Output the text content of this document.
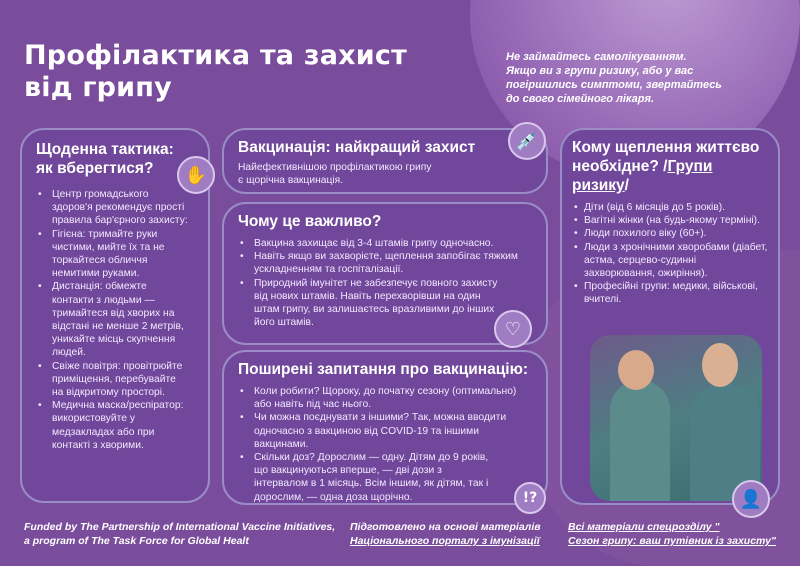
Профілактика та захист
від грипу
Не займайтесь самолікуванням.
Якщо ви з групи ризику, або у вас
погіршились симптоми, звертайтесь
до свого сімейного лікаря.
Щоденна тактика:
як вберегтися?
• Центр громадського здоров'я рекомендує прості правила бар'єрного захисту:
• Гігієна: тримайте руки чистими, мийте їх та не торкайтеся обличчя немитими руками.
• Дистанція: обмежте контакти з людьми — тримайтеся від хворих на відстані не менше 2 метрів, уникайте місць скупчення людей.
• Свіже повітря: провітрюйте приміщення, перебувайте на відкритому просторі.
• Медична маска/респіратор: використовуйте у медзакладах або при контакті з хворими.
✋
Вакцинація: найкращий захист

Найефективнішою профілактикою грипу

є щорічна вакцинація.

💉
Чому це важливо?
• Вакцина захищає від 3-4 штамів грипу одночасно.
• Навіть якщо ви захворієте, щеплення запобігає тяжким ускладненням та госпіталізації.
• Природний імунітет не забезпечує повного захисту від нових штамів. Навіть перехворівши на один штам грипу, ви залишаєтесь вразливими до інших його штамів.	♡
Поширені запитання про вакцинацію:
• Коли робити? Щороку, до початку сезону (оптимально) або навіть під час нього.
• Чи можна поєднувати з іншими? Так, можна вводити одночасно з вакциною від COVID-19 та іншими вакцинами.
• Скільки доз? Дорослим — одну. Дітям до 9 років, що вакцинуються вперше, — дві дози з інтервалом в 1 місяць. Всім іншим, як дітям, так і дорослим, — одна доза щорічно.	!?
Кому щеплення життєво
необхідне? /Групи ризику/
• Діти (від 6 місяців до 5 років).
• Вагітні жінки (на будь-якому терміні).
• Люди похилого віку (60+).
• Люди з хронічними хворобами (діабет, астма, серцево-судинні захворювання, ожиріння).
• Професійні групи: медики, військові, вчителі.
👤
Funded by The Partnership of International Vaccine Initiatives,
a program of The Task Force for Global Healt
Підготовлено на основі матеріалів
Національного порталу з імунізації
Всі матеріали спецрозділу "
Сезон грипу: ваш путівник із захисту"
